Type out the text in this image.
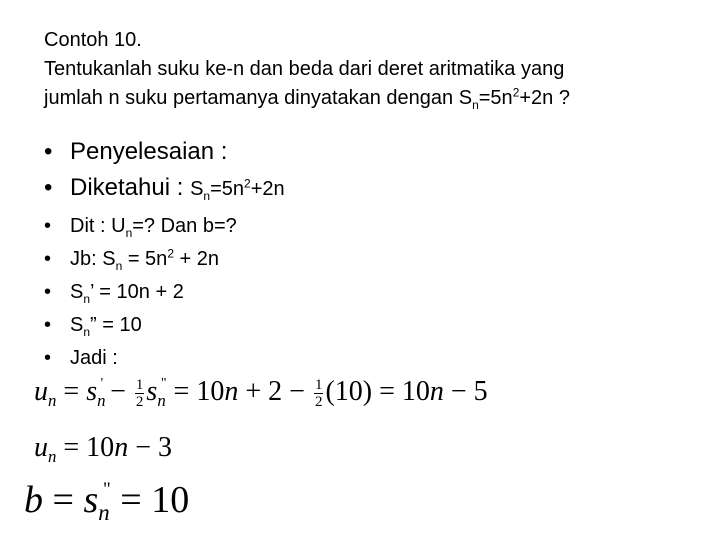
Contoh 10.
Tentukanlah suku ke-n dan beda dari deret aritmatika yang
jumlah n suku pertamanya dinyatakan dengan $S_n=5n^2+2n$ ?
• Penyelesaian :
• Diketahui : $S_n=5n^2+2n$
• Dit : $U_n=$? Dan b=?
• Jb: $S_n = 5n^2 + 2n$
• $S_n$’ = 10n + 2
• $S_n$” = 10
• Jadi :
$u_n = s_n' - \frac{1}{2} s_n^" = 10n + 2 - \frac{1}{2} (10) = 10n - 5$
$u_n = 10n - 3$
$b = s_n^" = 10$
